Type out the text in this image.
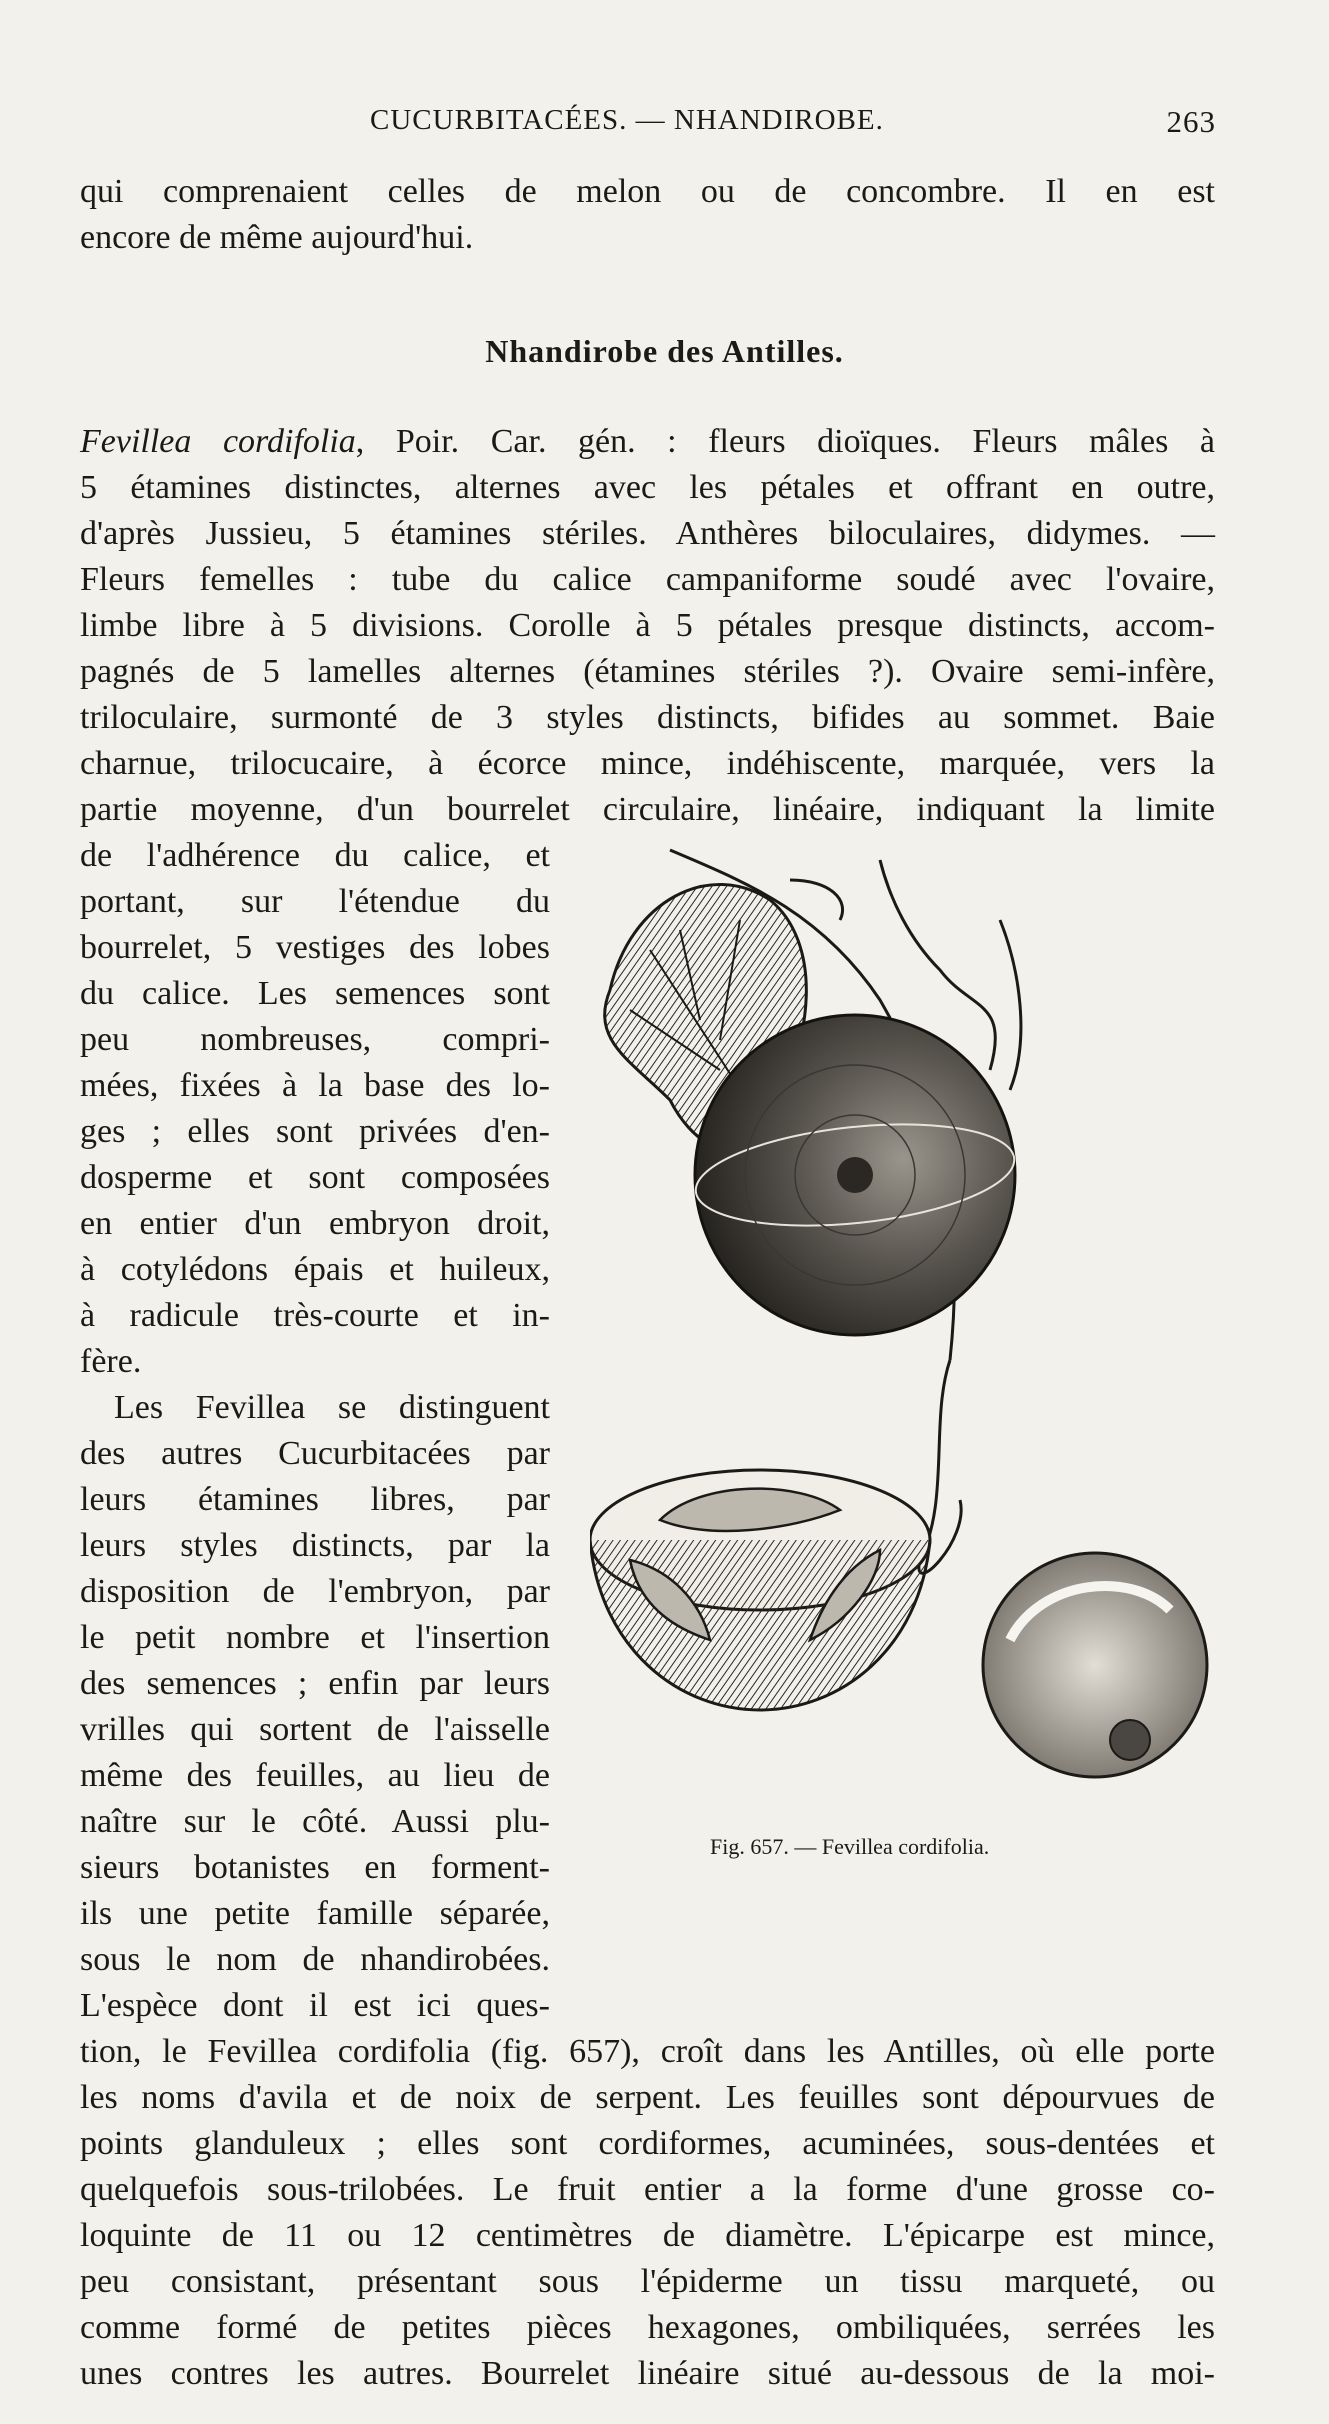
CUCURBITACÉES. — NHANDIROBE.	263
qui comprenaient celles de melon ou de concombre. Il en est
encore de même aujourd'hui.
Nhandirobe des Antilles.
Fevillea cordifolia, Poir. Car. gén. : fleurs dioïques. Fleurs mâles à
5 étamines distinctes, alternes avec les pétales et offrant en outre,
d'après Jussieu, 5 étamines stériles. Anthères biloculaires, didymes. —
Fleurs femelles : tube du calice campaniforme soudé avec l'ovaire,
limbe libre à 5 divisions. Corolle à 5 pétales presque distincts, accom-
pagnés de 5 lamelles alternes (étamines stériles ?). Ovaire semi-infère,
triloculaire, surmonté de 3 styles distincts, bifides au sommet. Baie
charnue, trilocucaire, à écorce mince, indéhiscente, marquée, vers la
partie moyenne, d'un bourrelet circulaire, linéaire, indiquant la limite
de l'adhérence du calice, et
portant, sur l'étendue du
bourrelet, 5 vestiges des lobes
du calice. Les semences sont
peu nombreuses, compri-
mées, fixées à la base des lo-
ges ; elles sont privées d'en-
dosperme et sont composées
en entier d'un embryon droit,
à cotylédons épais et huileux,
à radicule très-courte et in-
fère.
Les Fevillea se distinguent
des autres Cucurbitacées par
leurs étamines libres, par
leurs styles distincts, par la
disposition de l'embryon, par
le petit nombre et l'insertion
des semences ; enfin par leurs
vrilles qui sortent de l'aisselle
même des feuilles, au lieu de
naître sur le côté. Aussi plu-
sieurs botanistes en forment-
ils une petite famille séparée,
sous le nom de nhandirobées.
L'espèce dont il est ici ques-
tion, le Fevillea cordifolia (fig. 657), croît dans les Antilles, où elle porte
les noms d'avila et de noix de serpent. Les feuilles sont dépourvues de
points glanduleux ; elles sont cordiformes, acuminées, sous-dentées et
quelquefois sous-trilobées. Le fruit entier a la forme d'une grosse co-
loquinte de 11 ou 12 centimètres de diamètre. L'épicarpe est mince,
peu consistant, présentant sous l'épiderme un tissu marqueté, ou
comme formé de petites pièces hexagones, ombiliquées, serrées les
unes contres les autres. Bourrelet linéaire situé au-dessous de la moi-
Fig. 657. — Fevillea cordifolia.
